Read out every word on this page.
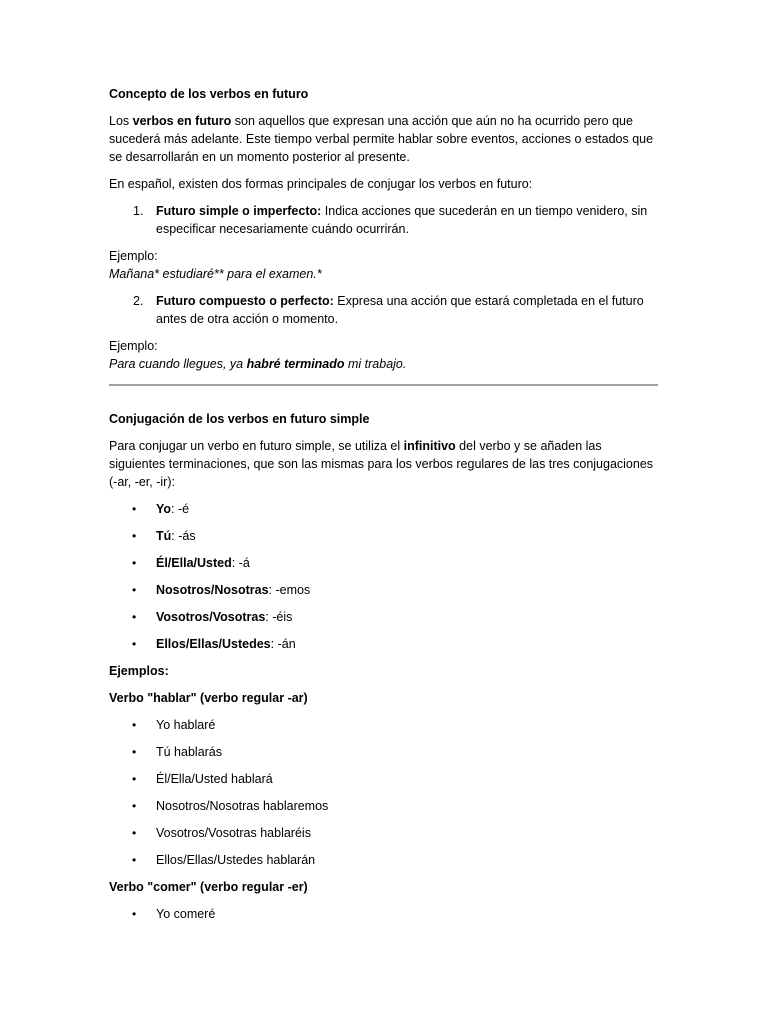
Concepto de los verbos en futuro

Los verbos en futuro son aquellos que expresan una acción que aún no ha ocurrido pero que sucederá más adelante. Este tiempo verbal permite hablar sobre eventos, acciones o estados que se desarrollarán en un momento posterior al presente.

En español, existen dos formas principales de conjugar los verbos en futuro:

1. Futuro simple o imperfecto: Indica acciones que sucederán en un tiempo venidero, sin especificar necesariamente cuándo ocurrirán.
Ejemplo:
Mañana* estudiaré** para el examen.*
2. Futuro compuesto o perfecto: Expresa una acción que estará completada en el futuro antes de otra acción o momento.
Ejemplo:
Para cuando llegues, ya habré terminado mi trabajo.
Conjugación de los verbos en futuro simple

Para conjugar un verbo en futuro simple, se utiliza el infinitivo del verbo y se añaden las siguientes terminaciones, que son las mismas para los verbos regulares de las tres conjugaciones (-ar, -er, -ir):

• Yo: -é
• Tú: -ás
• Él/Ella/Usted: -á
• Nosotros/Nosotras: -emos
• Vosotros/Vosotras: -éis
• Ellos/Ellas/Ustedes: -án
Ejemplos:
Verbo "hablar" (verbo regular -ar)
• Yo hablaré
• Tú hablarás
• Él/Ella/Usted hablará
• Nosotros/Nosotras hablaremos
• Vosotros/Vosotras hablaréis
• Ellos/Ellas/Ustedes hablarán
Verbo "comer" (verbo regular -er)
• Yo comeré
